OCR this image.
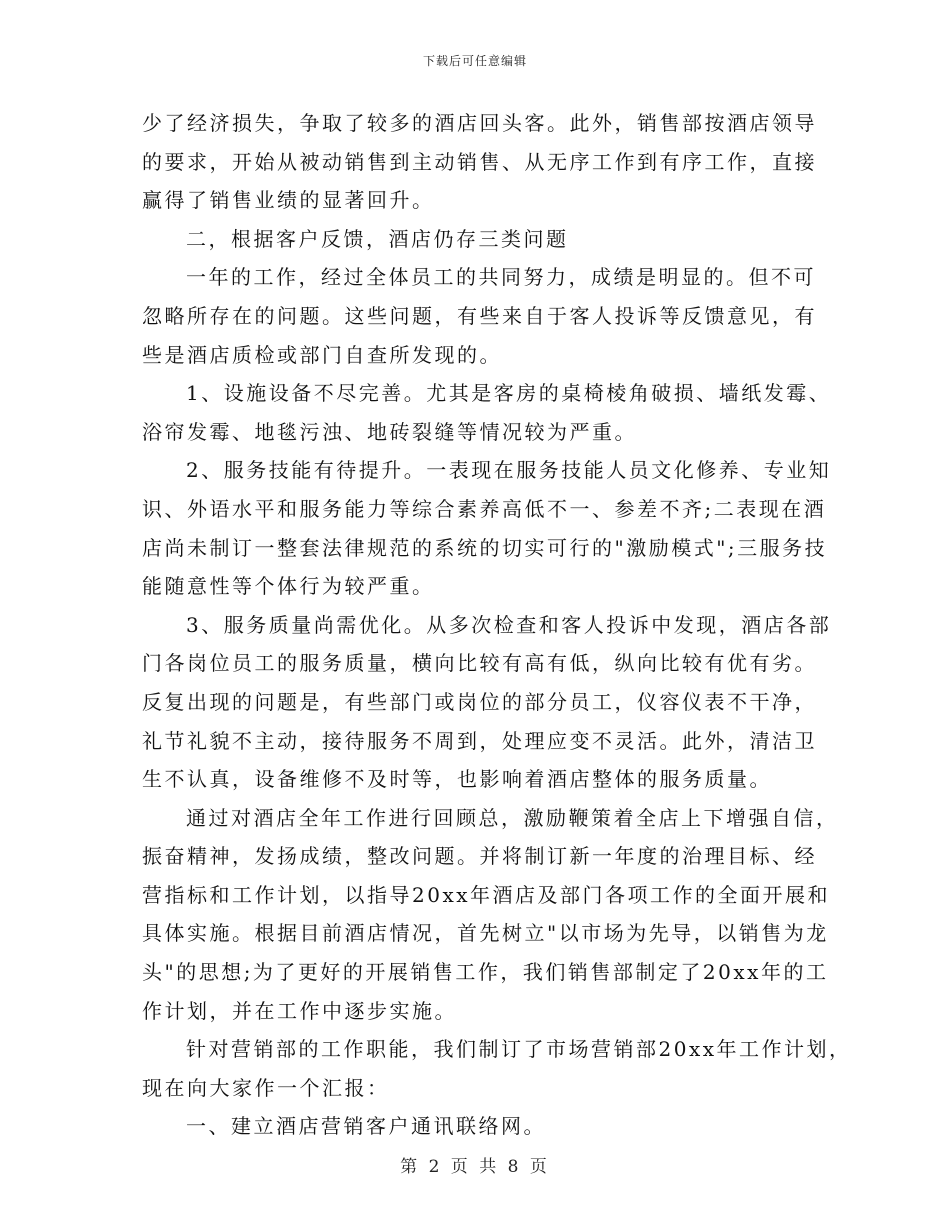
下载后可任意编辑
少了经济损失，争取了较多的酒店回头客。此外，销售部按酒店领导
的要求，开始从被动销售到主动销售、从无序工作到有序工作，直接
赢得了销售业绩的显著回升。
二，根据客户反馈，酒店仍存三类问题
一年的工作，经过全体员工的共同努力，成绩是明显的。但不可
忽略所存在的问题。这些问题，有些来自于客人投诉等反馈意见，有
些是酒店质检或部门自查所发现的。
1、设施设备不尽完善。尤其是客房的桌椅棱角破损、墙纸发霉、
浴帘发霉、地毯污浊、地砖裂缝等情况较为严重。
2、服务技能有待提升。一表现在服务技能人员文化修养、专业知
识、外语水平和服务能力等综合素养高低不一、参差不齐;二表现在酒
店尚未制订一整套法律规范的系统的切实可行的"激励模式";三服务技
能随意性等个体行为较严重。
3、服务质量尚需优化。从多次检查和客人投诉中发现，酒店各部
门各岗位员工的服务质量，横向比较有高有低，纵向比较有优有劣。
反复出现的问题是，有些部门或岗位的部分员工，仪容仪表不干净，
礼节礼貌不主动，接待服务不周到，处理应变不灵活。此外，清洁卫
生不认真，设备维修不及时等，也影响着酒店整体的服务质量。
通过对酒店全年工作进行回顾总，激励鞭策着全店上下增强自信，
振奋精神，发扬成绩，整改问题。并将制订新一年度的治理目标、经
营指标和工作计划，以指导20xx年酒店及部门各项工作的全面开展和
具体实施。根据目前酒店情况，首先树立"以市场为先导，以销售为龙
头"的思想;为了更好的开展销售工作，我们销售部制定了20xx年的工
作计划，并在工作中逐步实施。
针对营销部的工作职能，我们制订了市场营销部20xx年工作计划，
现在向大家作一个汇报：
一、建立酒店营销客户通讯联络网。
第 2 页 共 8 页
